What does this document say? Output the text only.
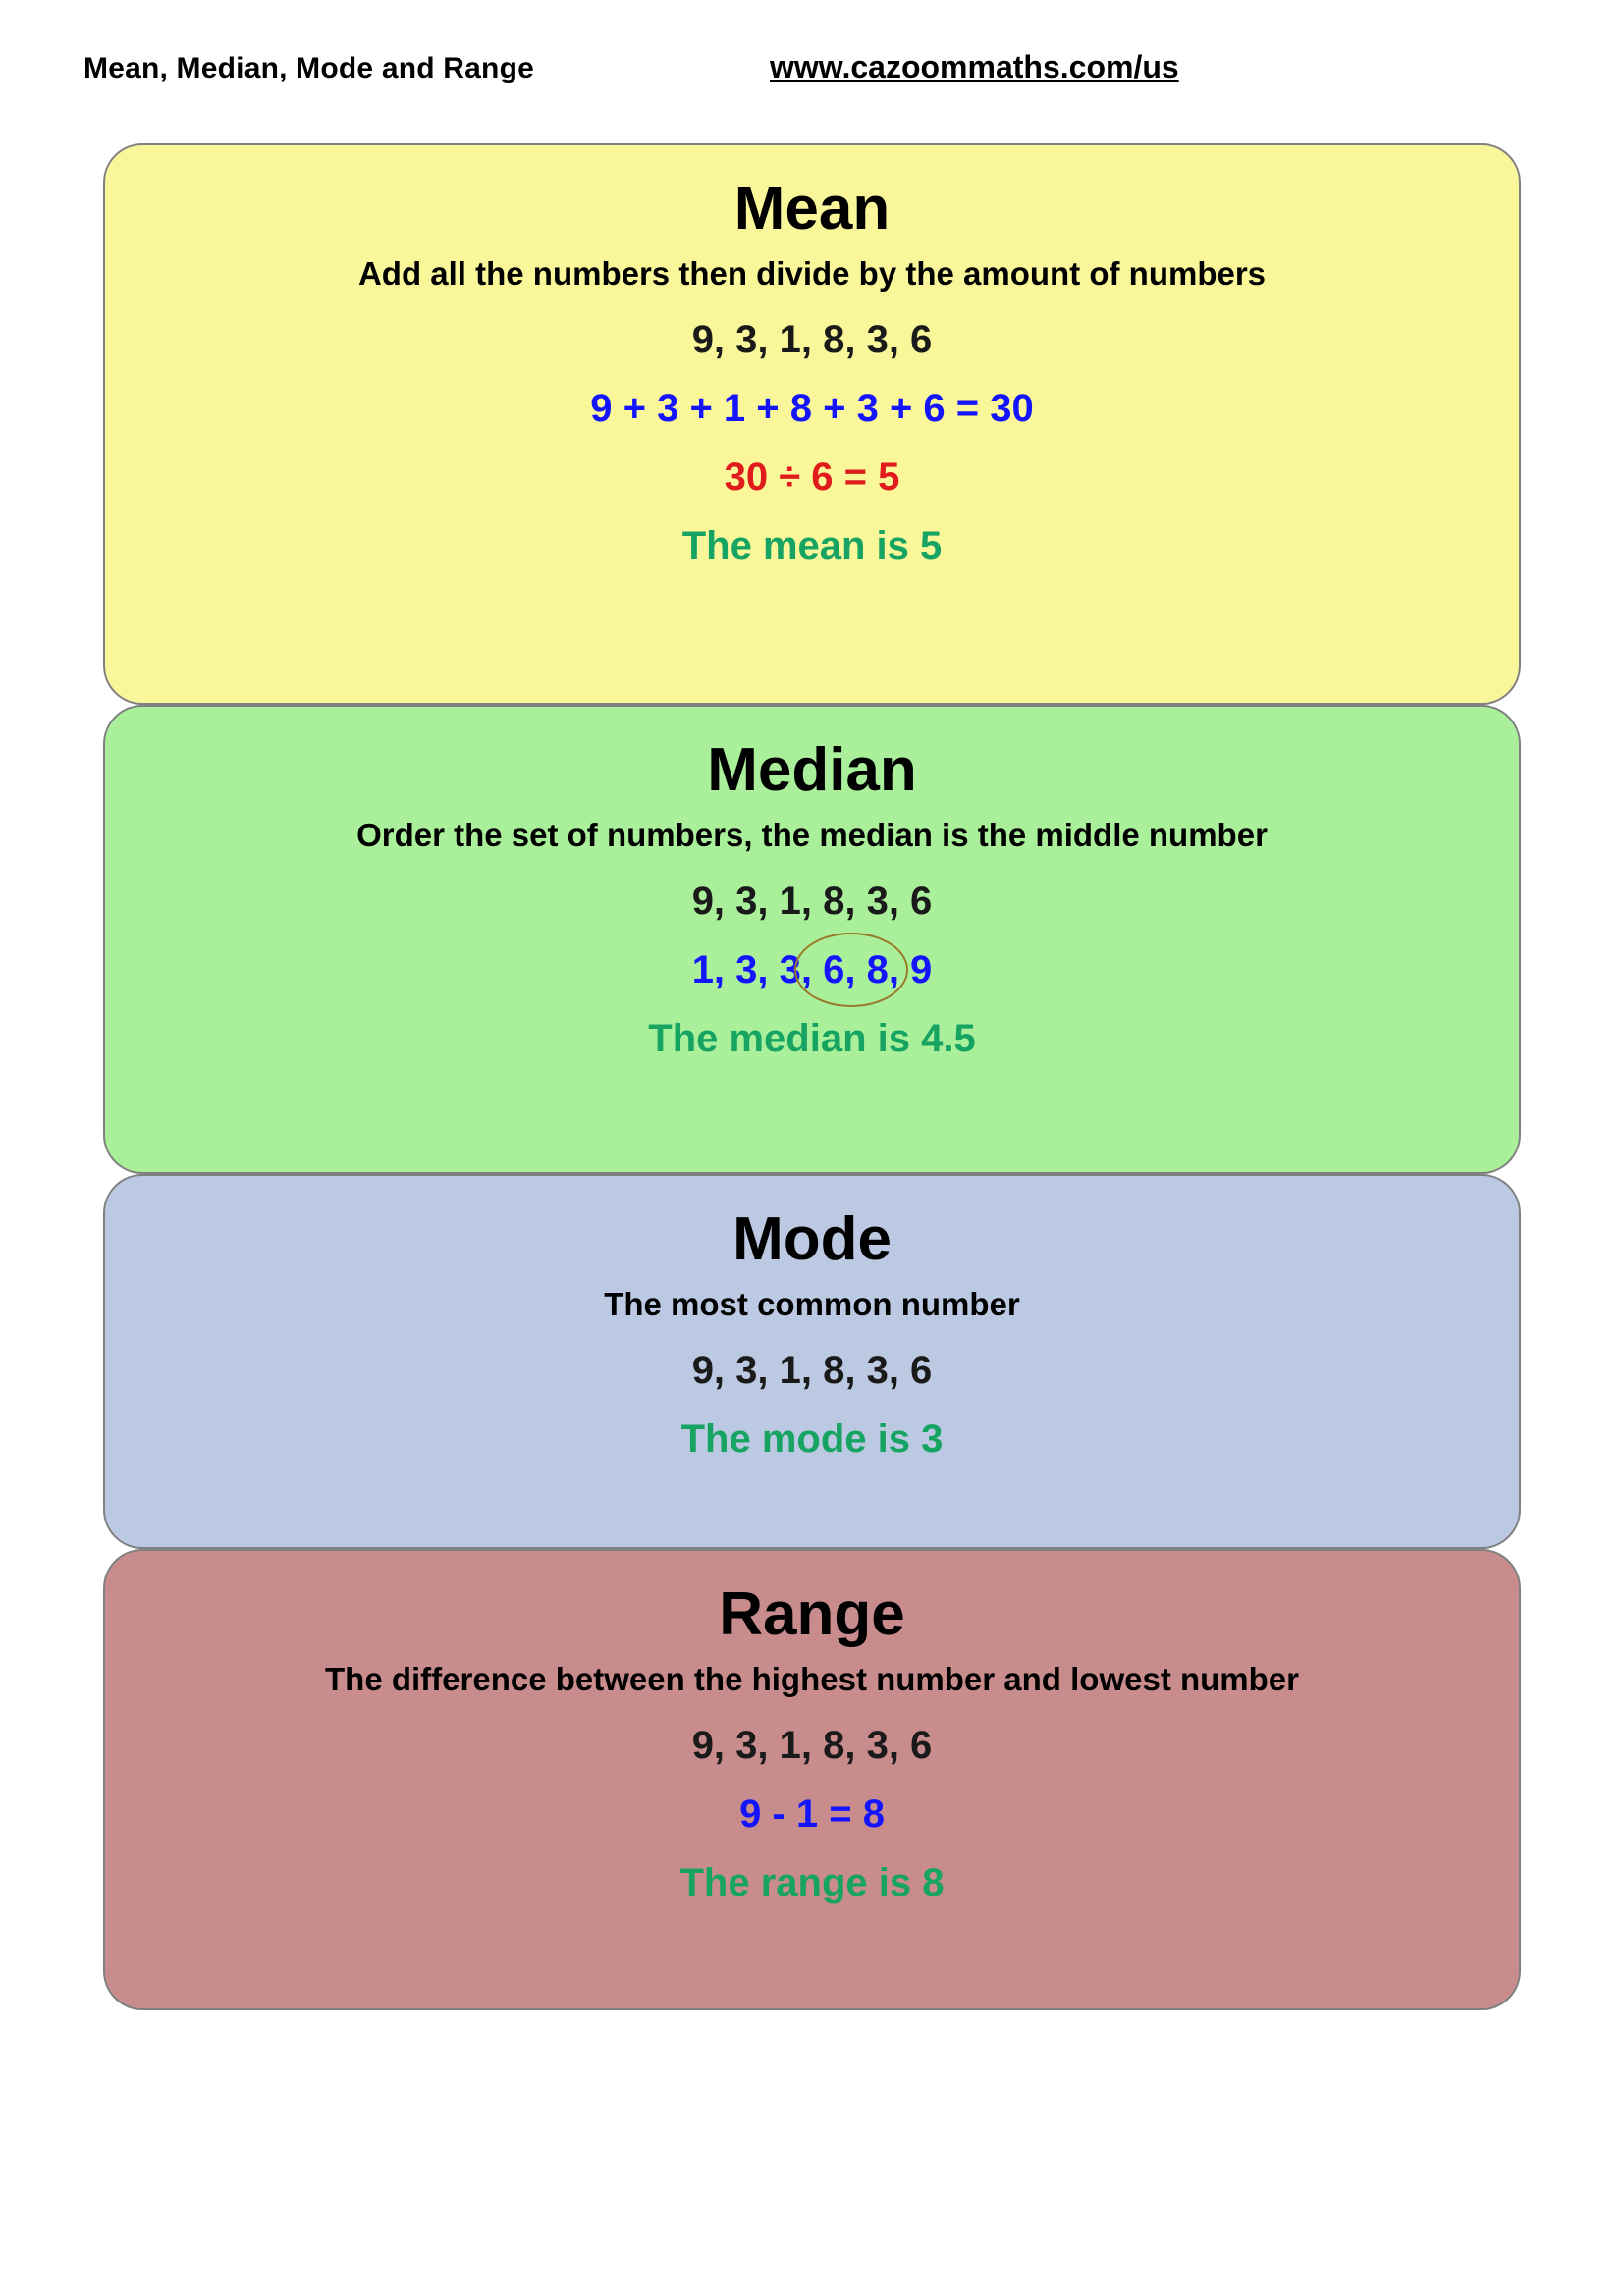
Mean, Median, Mode and Range	www.cazoommaths.com/us
Mean
Add all the numbers then divide by the amount of numbers
9, 3, 1, 8, 3, 6
9 + 3 + 1 + 8 + 3 + 6 = 30
30 ÷ 6 = 5
The mean is 5
Median
Order the set of numbers, the median is the middle number
9, 3, 1, 8, 3, 6
1, 3, 3, 6, 8, 9
The median is 4.5
Mode
The most common number
9, 3, 1, 8, 3, 6
The mode is 3
Range
The difference between the highest number and lowest number
9, 3, 1, 8, 3, 6
9 - 1 = 8
The range is 8
